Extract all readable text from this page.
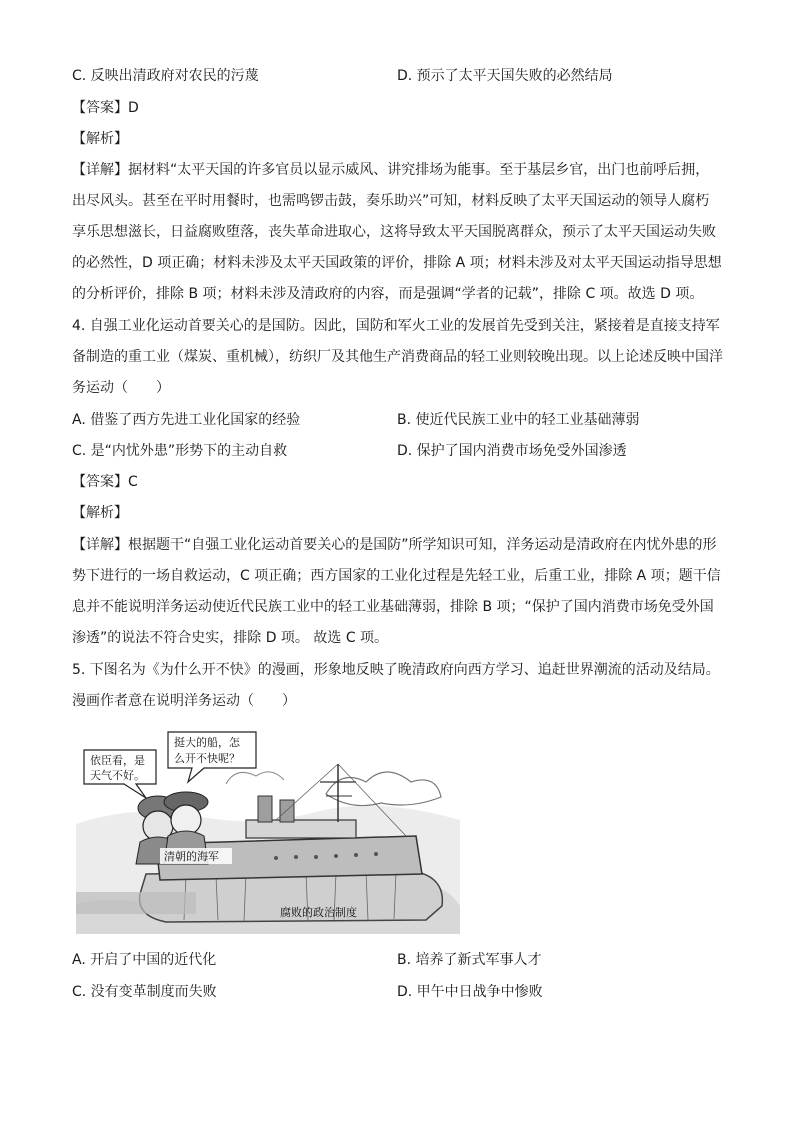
C. 反映出清政府对农民的污蔑	D. 预示了太平天国失败的必然结局
【答案】D
【解析】
【详解】据材料“太平天国的许多官员以显示威风、讲究排场为能事。至于基层乡官，出门也前呼后拥，
出尽风头。甚至在平时用餐时，也需鸣锣击鼓，奏乐助兴”可知，材料反映了太平天国运动的领导人腐朽
享乐思想滋长，日益腐败堕落，丧失革命进取心，这将导致太平天国脱离群众，预示了太平天国运动失败
的必然性，D 项正确；材料未涉及太平天国政策的评价，排除 A 项；材料未涉及对太平天国运动指导思想
的分析评价，排除 B 项；材料未涉及清政府的内容，而是强调“学者的记载”，排除 C 项。故选 D 项。
4. 自强工业化运动首要关心的是国防。因此，国防和军火工业的发展首先受到关注，紧接着是直接支持军
备制造的重工业（煤炭、重机械），纺织厂及其他生产消费商品的轻工业则较晚出现。以上论述反映中国洋
务运动（　　）
A. 借鉴了西方先进工业化国家的经验	B. 使近代民族工业中的轻工业基础薄弱
C. 是“内忧外患”形势下的主动自救	D. 保护了国内消费市场免受外国渗透
【答案】C
【解析】
【详解】根据题干“自强工业化运动首要关心的是国防”所学知识可知，洋务运动是清政府在内忧外患的形
势下进行的一场自救运动，C 项正确；西方国家的工业化过程是先轻工业，后重工业，排除 A 项；题干信
息并不能说明洋务运动使近代民族工业中的轻工业基础薄弱，排除 B 项；“保护了国内消费市场免受外国
渗透”的说法不符合史实，排除 D 项。 故选 C 项。
5. 下图名为《为什么开不快》的漫画，形象地反映了晚清政府向西方学习、追赶世界潮流的活动及结局。
漫画作者意在说明洋务运动（　　）
依臣看，是
天气不好。
挺大的船，怎
么开不快呢？
清朝的海军
腐败的政治制度
A. 开启了中国的近代化	B. 培养了新式军事人才
C. 没有变革制度而失败	D. 甲午中日战争中惨败
